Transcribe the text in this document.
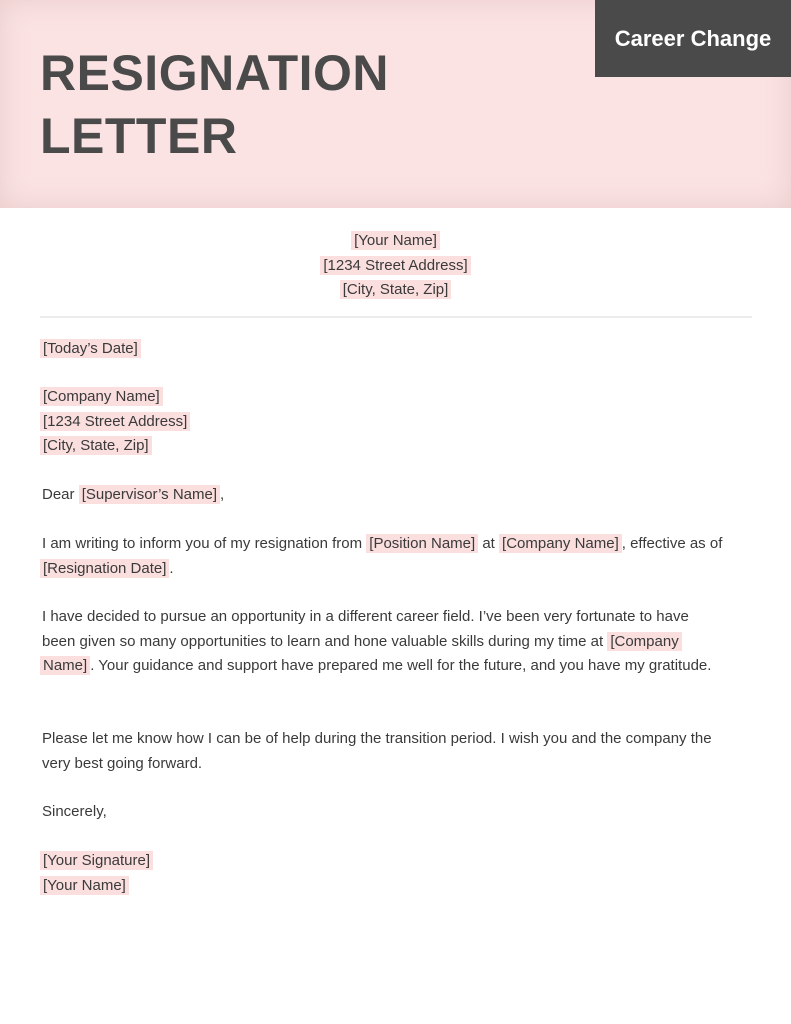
RESIGNATION
LETTER
Career Change
[Your Name]
[1234 Street Address]
[City, State, Zip]
[Today’s Date]
[Company Name]
[1234 Street Address]
[City, State, Zip]
Dear [Supervisor’s Name] ,
I am writing to inform you of my resignation from [Position Name] at [Company Name] , effective as of
[Resignation Date] .
I have decided to pursue an opportunity in a different career field. I’ve been very fortunate to have
been given so many opportunities to learn and hone valuable skills during my time at [Company
Name] . Your guidance and support have prepared me well for the future, and you have my gratitude.
Please let me know how I can be of help during the transition period. I wish you and the company the
very best going forward.
Sincerely,
[Your Signature]
[Your Name]
